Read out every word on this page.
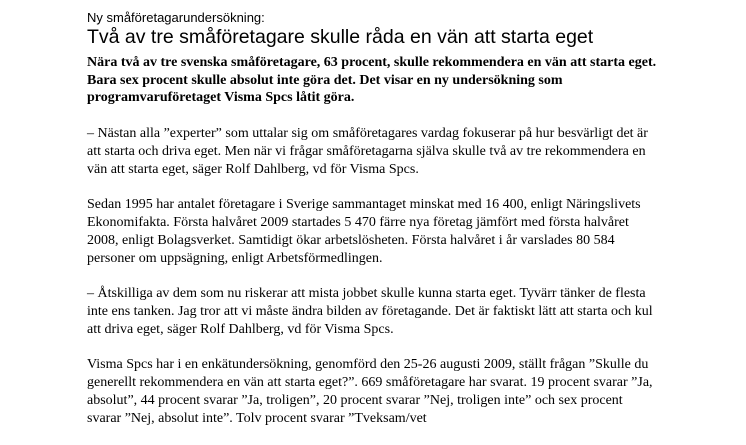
Ny småföretagarundersökning:

Två av tre småföretagare skulle råda en vän att starta eget

Nära två av tre svenska småföretagare, 63 procent, skulle rekommendera en vän att starta eget. Bara sex procent skulle absolut inte göra det. Det visar en ny undersökning som programvaruföretaget Visma Spcs låtit göra.

– Nästan alla ”experter” som uttalar sig om småföretagares vardag fokuserar på hur besvärligt det är att starta och driva eget. Men när vi frågar småföretagarna själva skulle två av tre rekommendera en vän att starta eget, säger Rolf Dahlberg, vd för Visma Spcs.

Sedan 1995 har antalet företagare i Sverige sammantaget minskat med 16 400, enligt Näringslivets Ekonomifakta. Första halvåret 2009 startades 5 470 färre nya företag jämfört med första halvåret 2008, enligt Bolagsverket. Samtidigt ökar arbetslösheten. Första halvåret i år varslades 80 584 personer om uppsägning, enligt Arbetsförmedlingen.

– Åtskilliga av dem som nu riskerar att mista jobbet skulle kunna starta eget. Tyvärr tänker de flesta inte ens tanken. Jag tror att vi måste ändra bilden av företagande. Det är faktiskt lätt att starta och kul att driva eget, säger Rolf Dahlberg, vd för Visma Spcs.

Visma Spcs har i en enkätundersökning, genomförd den 25-26 augusti 2009, ställt frågan ”Skulle du generellt rekommendera en vän att starta eget?”. 669 småföretagare har svarat. 19 procent svarar ”Ja, absolut”, 44 procent svarar ”Ja, troligen”, 20 procent svarar ”Nej, troligen inte” och sex procent svarar ”Nej, absolut inte”. Tolv procent svarar ”Tveksam/vet
